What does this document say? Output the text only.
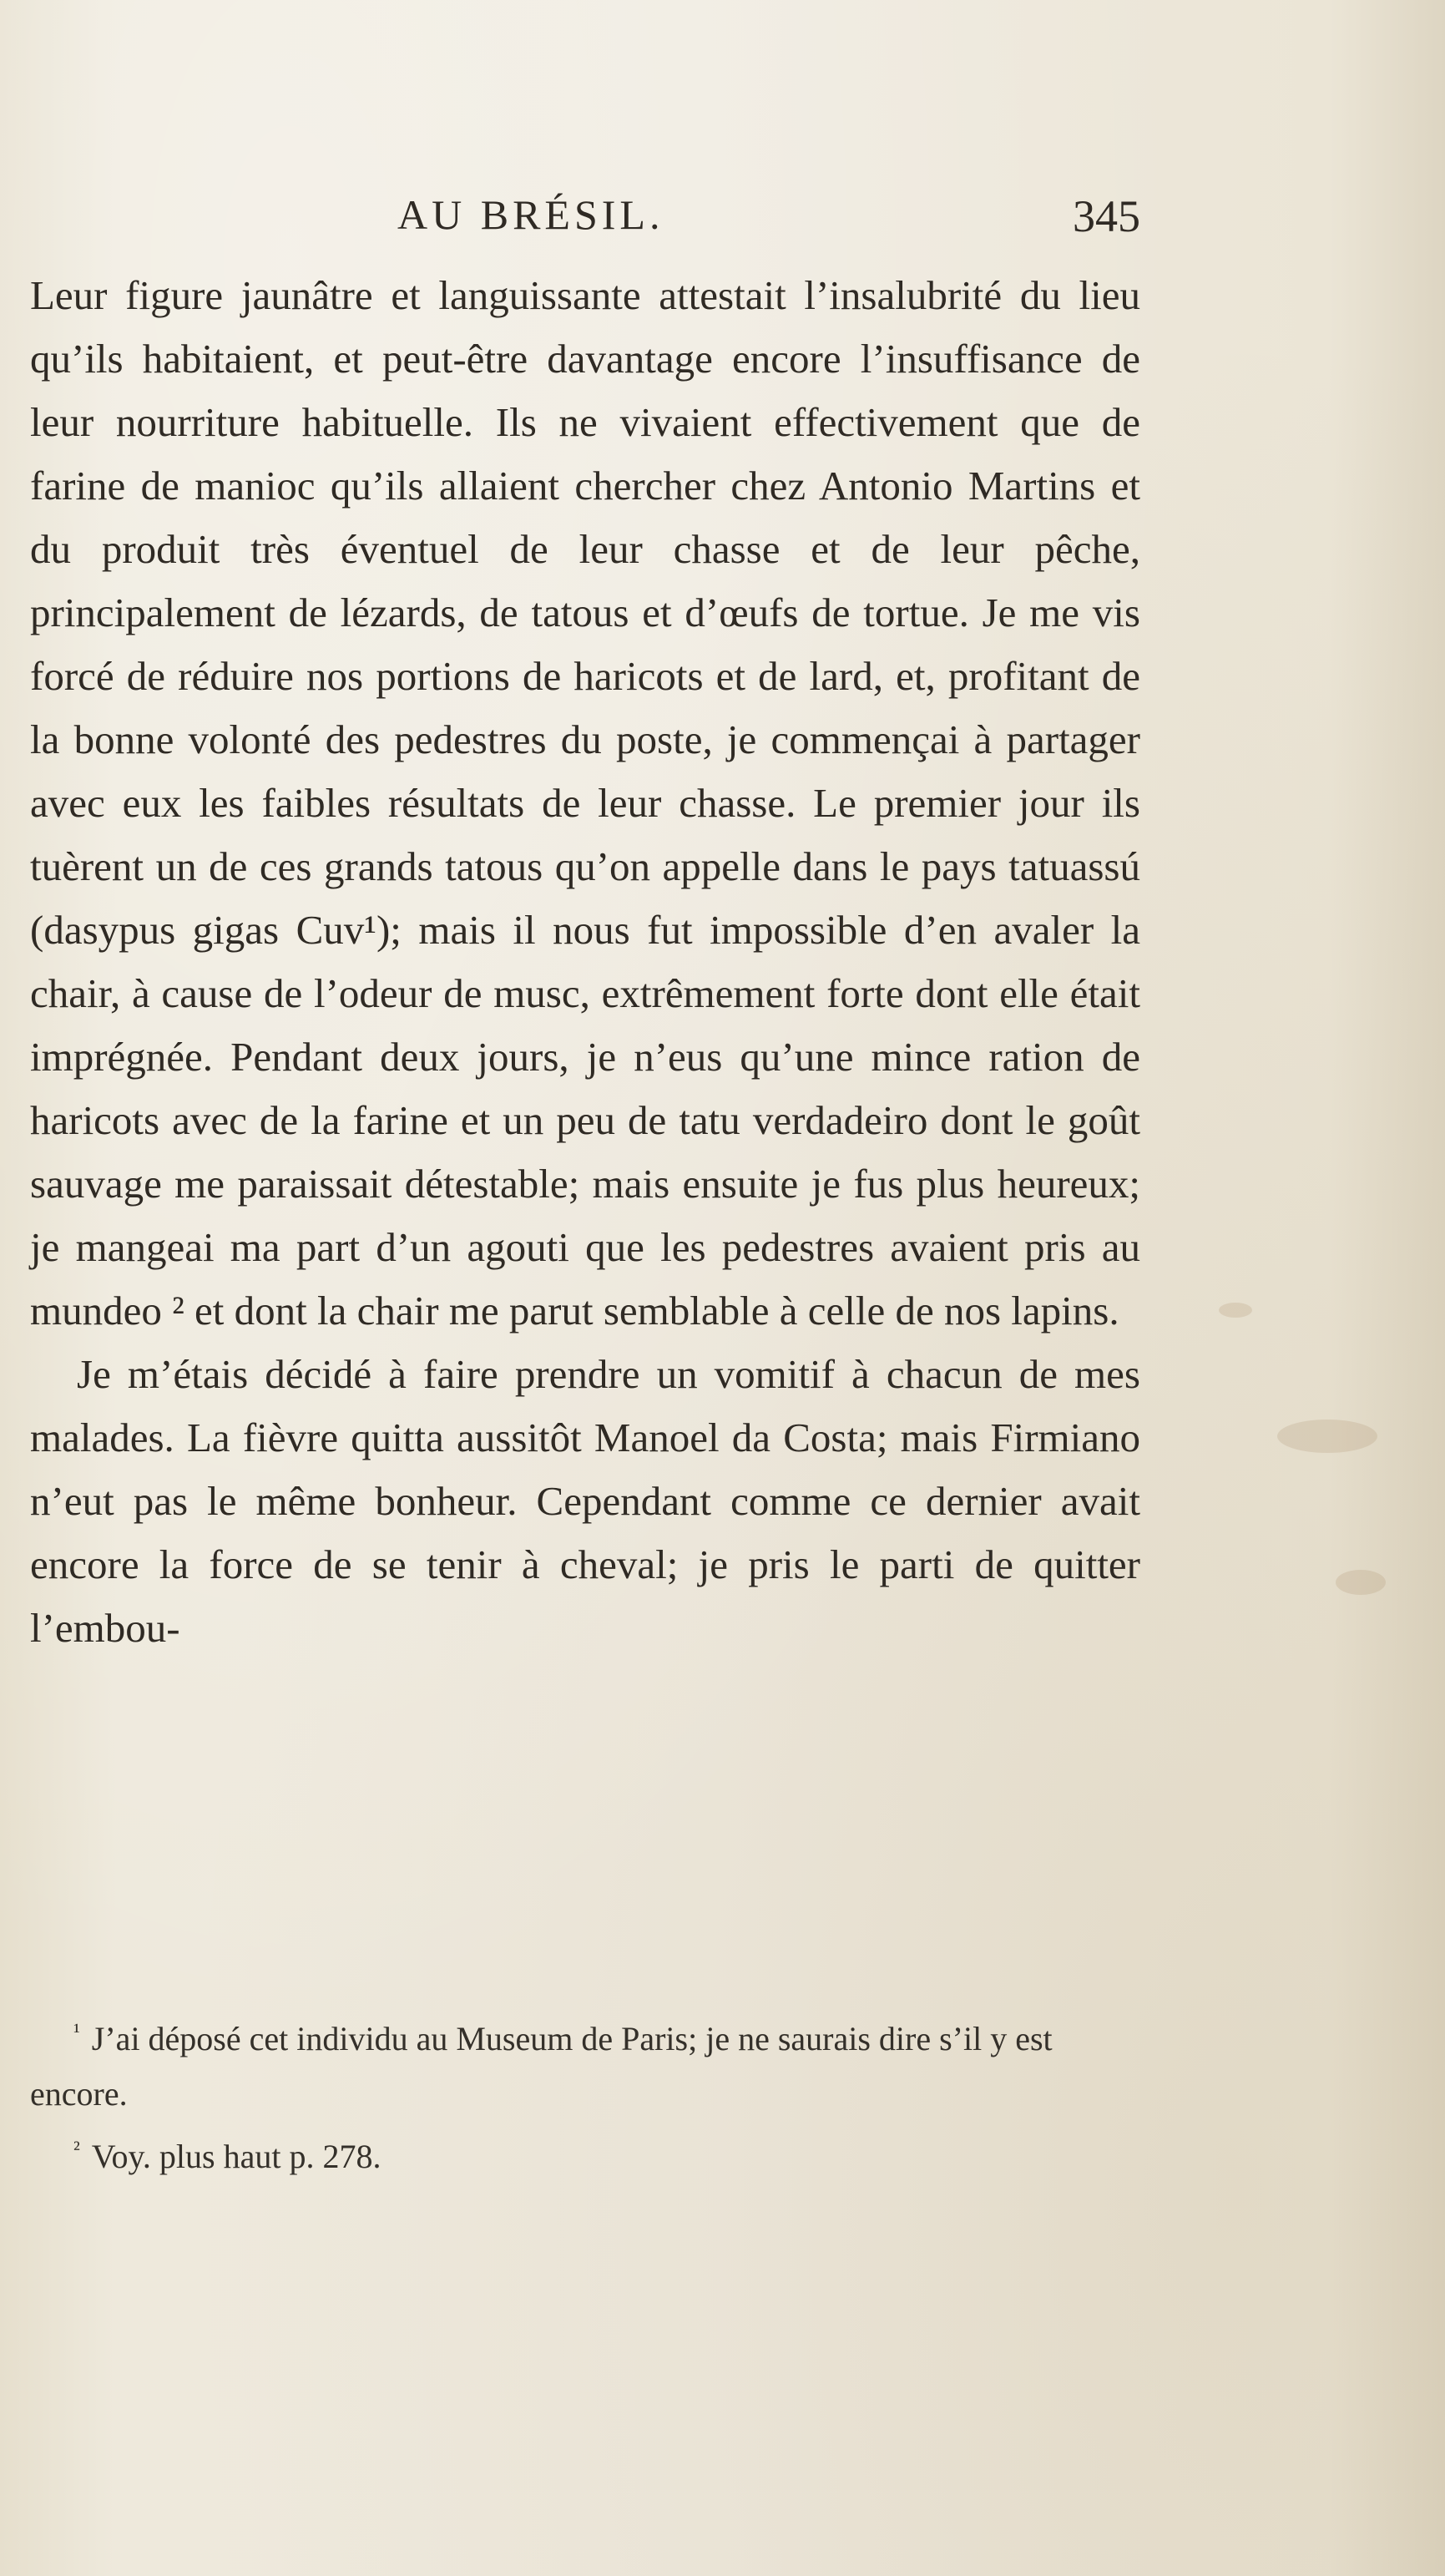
AU BRÉSIL.	345

Leur figure jaunâtre et languissante attestait l’insalubrité du lieu qu’ils habitaient, et peut-être davantage encore l’insuffisance de leur nourriture habituelle. Ils ne vivaient effectivement que de farine de manioc qu’ils allaient chercher chez Antonio Martins et du produit très éventuel de leur chasse et de leur pêche, principalement de lézards, de tatous et d’œufs de tortue. Je me vis forcé de réduire nos portions de haricots et de lard, et, profitant de la bonne volonté des pedestres du poste, je commençai à partager avec eux les faibles résultats de leur chasse. Le premier jour ils tuèrent un de ces grands tatous qu’on appelle dans le pays tatuassú (dasypus gigas Cuv¹); mais il nous fut impossible d’en avaler la chair, à cause de l’odeur de musc, extrêmement forte dont elle était imprégnée. Pendant deux jours, je n’eus qu’une mince ration de haricots avec de la farine et un peu de tatu verdadeiro dont le goût sauvage me paraissait détestable; mais ensuite je fus plus heureux; je mangeai ma part d’un agouti que les pedestres avaient pris au mundeo ² et dont la chair me parut semblable à celle de nos lapins.

Je m’étais décidé à faire prendre un vomitif à chacun de mes malades. La fièvre quitta aussitôt Manoel da Costa; mais Firmiano n’eut pas le même bonheur. Cependant comme ce dernier avait encore la force de se tenir à cheval; je pris le parti de quitter l’embou-

$^{^1}$ J’ai déposé cet individu au Museum de Paris; je ne saurais dire s’il y est encore.

$^{^2}$ Voy. plus haut p. 278.
